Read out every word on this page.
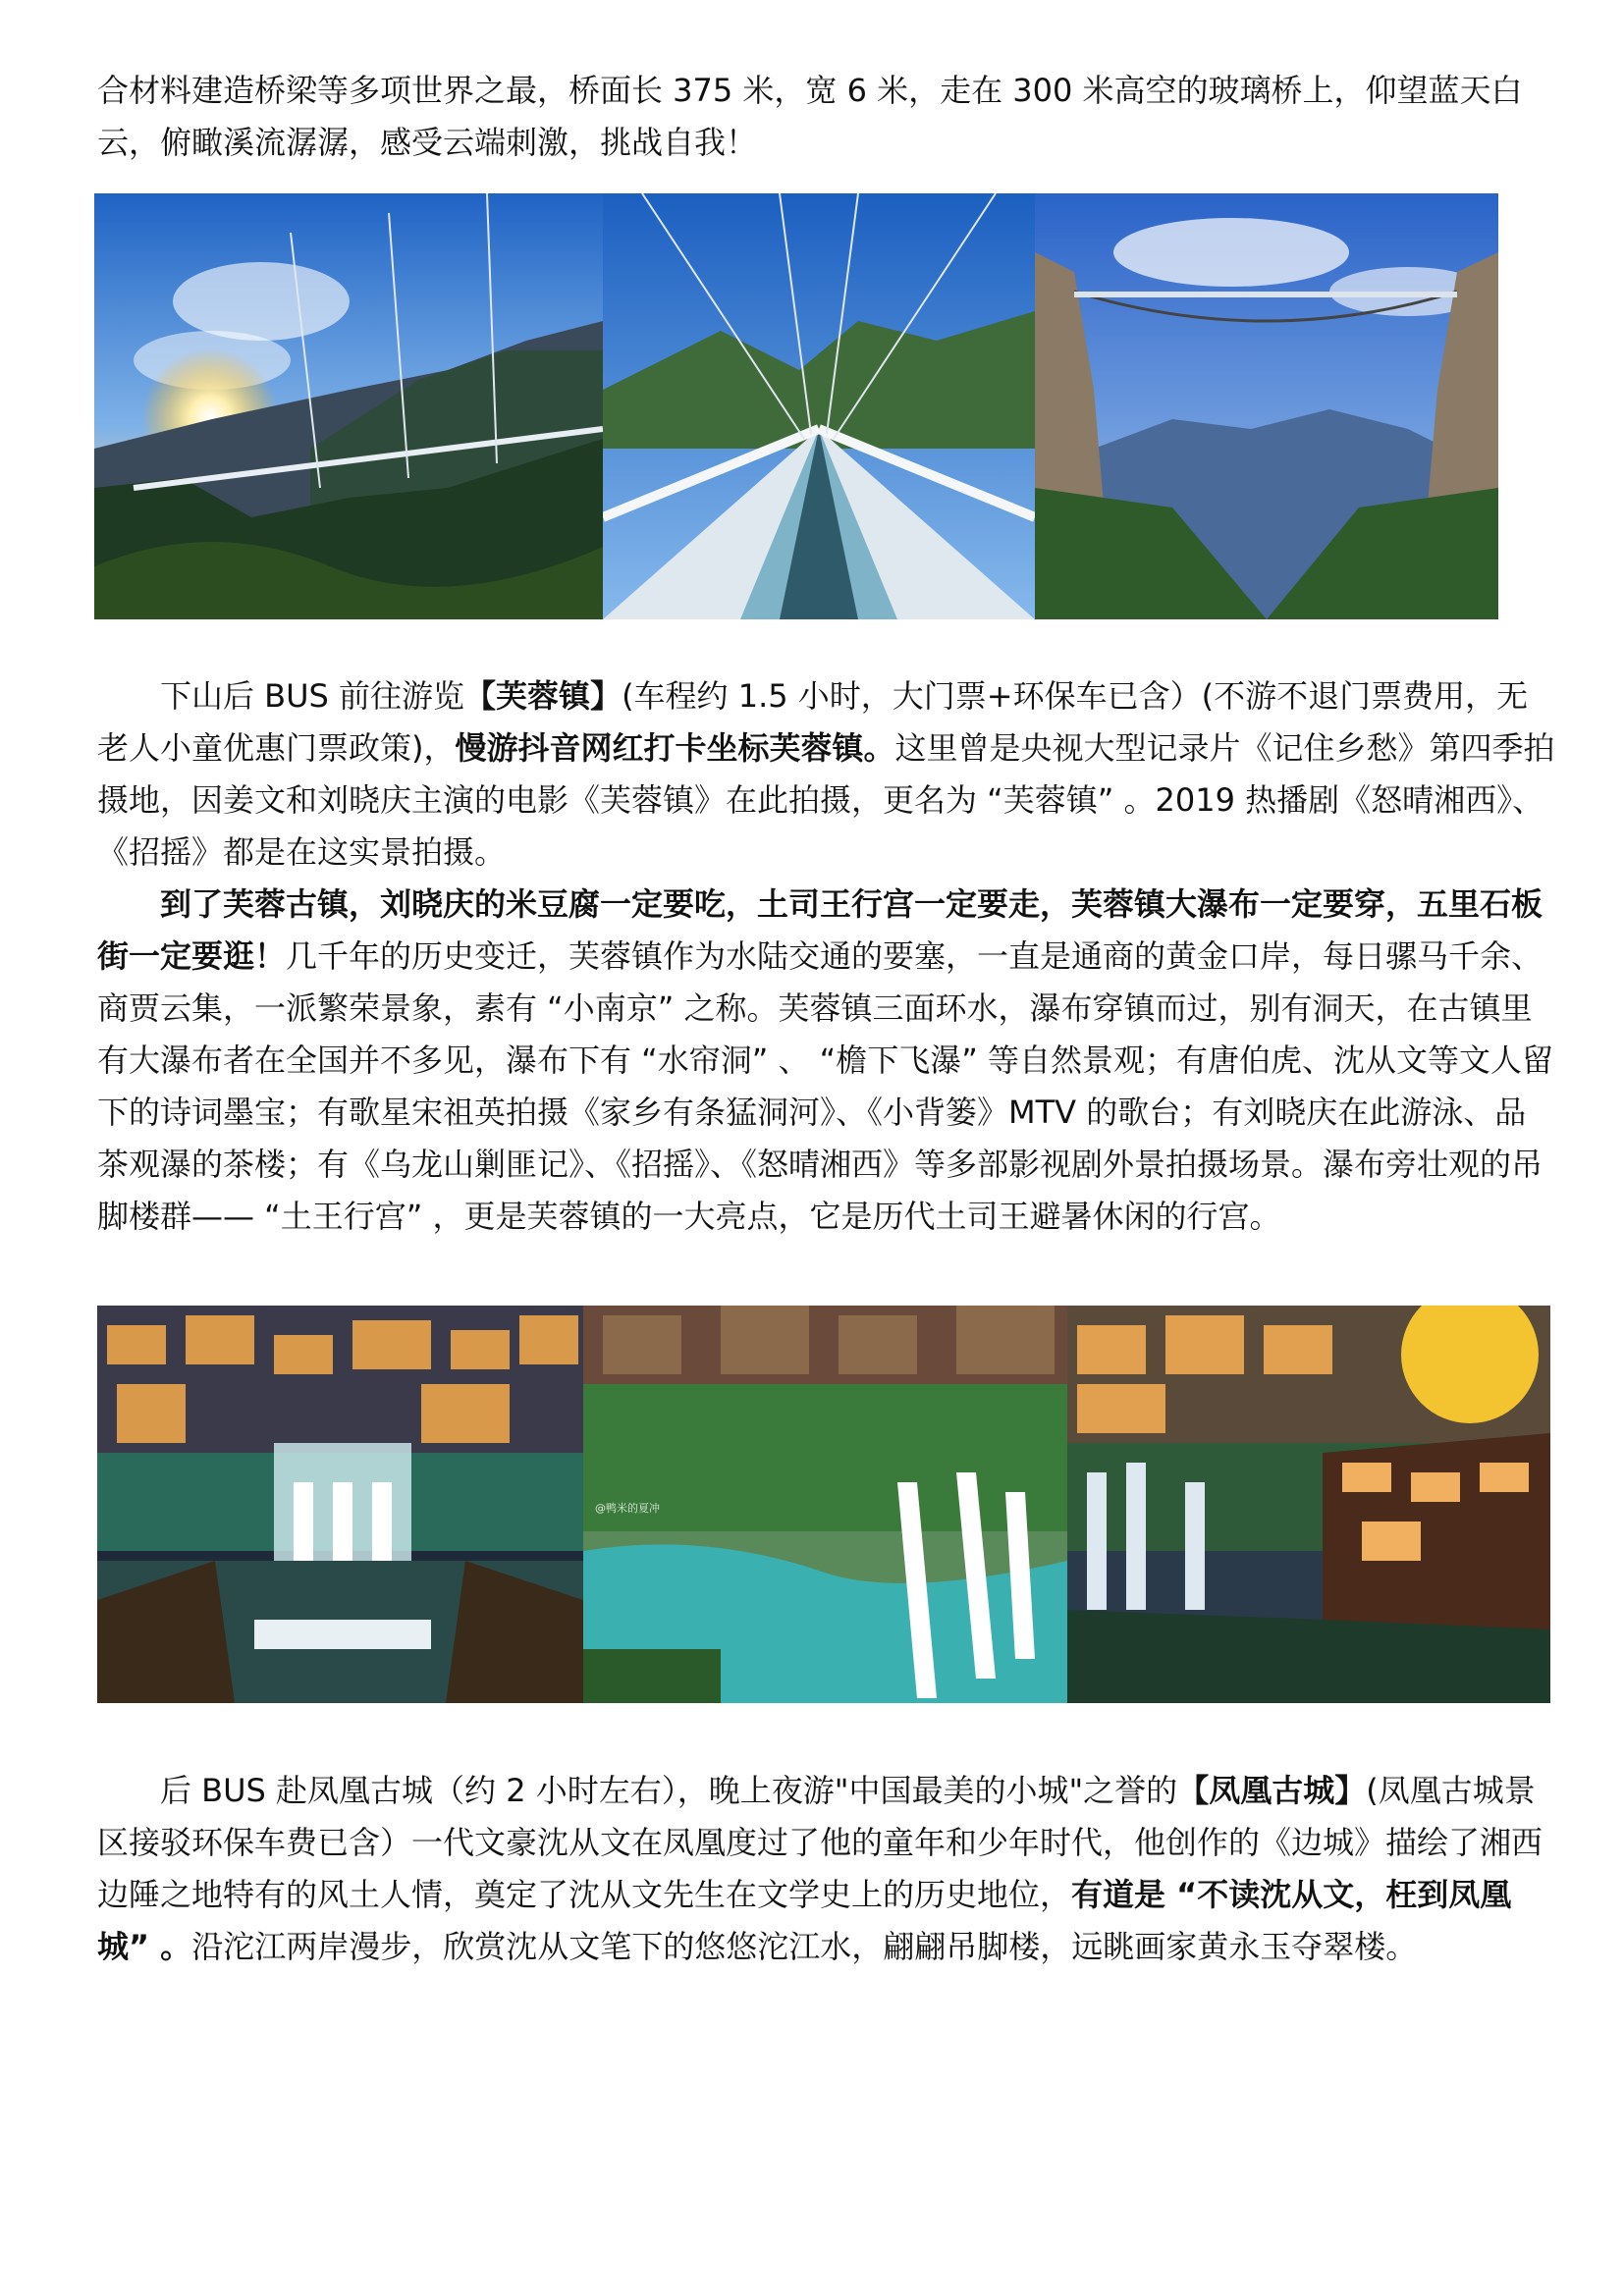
合材料建造桥梁等多项世界之最，桥面长 375 米，宽 6 米，走在 300 米高空的玻璃桥上，仰望蓝天白云，俯瞰溪流潺潺，感受云端刺激，挑战自我！

下山后 BUS 前往游览【芙蓉镇】(车程约 1.5 小时，大门票+环保车已含）(不游不退门票费用，无老人小童优惠门票政策)，慢游抖音网红打卡坐标芙蓉镇。这里曾是央视大型记录片《记住乡愁》第四季拍摄地，因姜文和刘晓庆主演的电影《芙蓉镇》在此拍摄，更名为 “芙蓉镇” 。2019 热播剧《怒晴湘西》、《招摇》都是在这实景拍摄。

到了芙蓉古镇，刘晓庆的米豆腐一定要吃，土司王行宫一定要走，芙蓉镇大瀑布一定要穿，五里石板街一定要逛！几千年的历史变迁，芙蓉镇作为水陆交通的要塞，一直是通商的黄金口岸，每日骡马千余、商贾云集，一派繁荣景象，素有 “小南京” 之称。芙蓉镇三面环水，瀑布穿镇而过，别有洞天，在古镇里有大瀑布者在全国并不多见，瀑布下有 “水帘洞” 、 “檐下飞瀑” 等自然景观；有唐伯虎、沈从文等文人留下的诗词墨宝；有歌星宋祖英拍摄《家乡有条猛洞河》、《小背篓》MTV 的歌台；有刘晓庆在此游泳、品茶观瀑的茶楼；有《乌龙山剿匪记》、《招摇》、《怒晴湘西》等多部影视剧外景拍摄场景。瀑布旁壮观的吊脚楼群—— “土王行宫” ，更是芙蓉镇的一大亮点，它是历代土司王避暑休闲的行宫。

@鸭米的夏冲

后 BUS 赴凤凰古城（约 2 小时左右），晚上夜游"中国最美的小城"之誉的【凤凰古城】(凤凰古城景区接驳环保车费已含）一代文豪沈从文在凤凰度过了他的童年和少年时代，他创作的《边城》描绘了湘西边陲之地特有的风土人情，奠定了沈从文先生在文学史上的历史地位，有道是 “不读沈从文，枉到凤凰城” 。沿沱江两岸漫步，欣赏沈从文笔下的悠悠沱江水，翩翩吊脚楼，远眺画家黄永玉夺翠楼。
